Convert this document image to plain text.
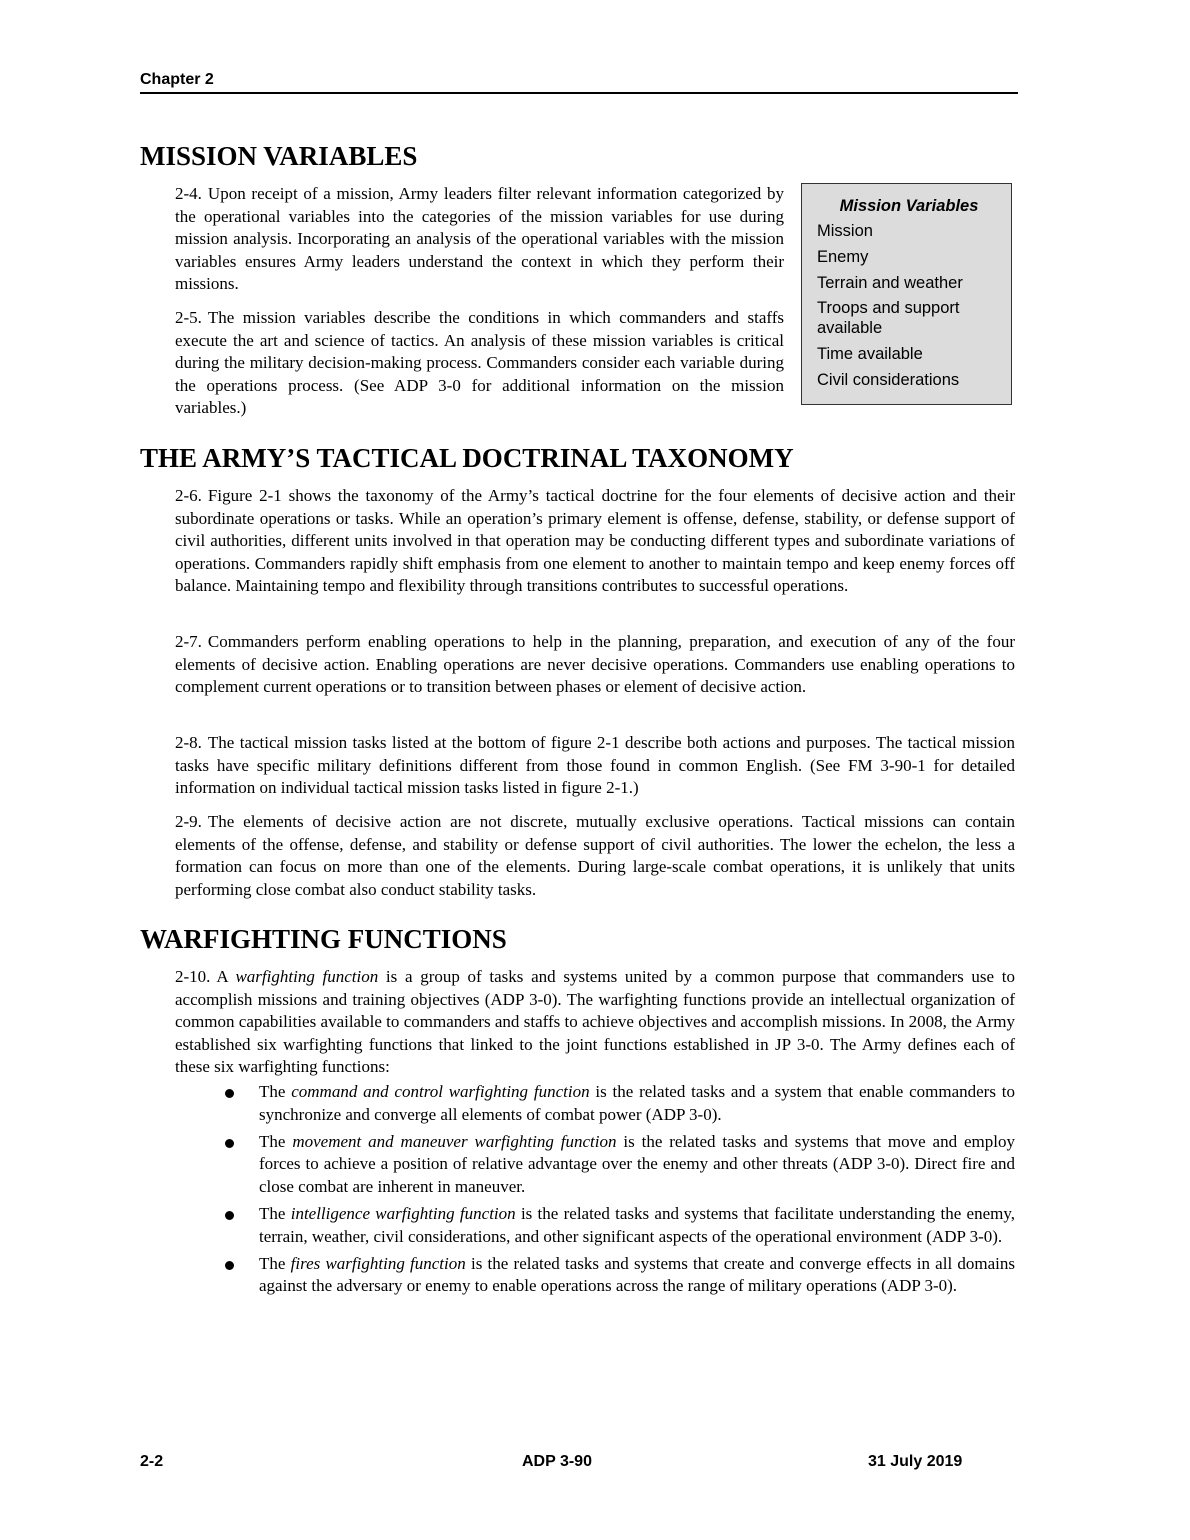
Chapter 2
MISSION VARIABLES

2-4. Upon receipt of a mission, Army leaders filter relevant information categorized by the operational variables into the categories of the mission variables for use during mission analysis. Incorporating an analysis of the operational variables with the mission variables ensures Army leaders understand the context in which they perform their missions.

2-5. The mission variables describe the conditions in which commanders and staffs execute the art and science of tactics. An analysis of these mission variables is critical during the military decision-making process. Commanders consider each variable during the operations process. (See ADP 3-0 for additional information on the mission variables.)

Mission Variables
Mission
Enemy
Terrain and weather
Troops and support available
Time available
Civil considerations
THE ARMY’S TACTICAL DOCTRINAL TAXONOMY

2-6. Figure 2-1 shows the taxonomy of the Army’s tactical doctrine for the four elements of decisive action and their subordinate operations or tasks. While an operation’s primary element is offense, defense, stability, or defense support of civil authorities, different units involved in that operation may be conducting different types and subordinate variations of operations. Commanders rapidly shift emphasis from one element to another to maintain tempo and keep enemy forces off balance. Maintaining tempo and flexibility through transitions contributes to successful operations.

2-7. Commanders perform enabling operations to help in the planning, preparation, and execution of any of the four elements of decisive action. Enabling operations are never decisive operations. Commanders use enabling operations to complement current operations or to transition between phases or element of decisive action.

2-8. The tactical mission tasks listed at the bottom of figure 2-1 describe both actions and purposes. The tactical mission tasks have specific military definitions different from those found in common English. (See FM 3-90-1 for detailed information on individual tactical mission tasks listed in figure 2-1.)

2-9. The elements of decisive action are not discrete, mutually exclusive operations. Tactical missions can contain elements of the offense, defense, and stability or defense support of civil authorities. The lower the echelon, the less a formation can focus on more than one of the elements. During large-scale combat operations, it is unlikely that units performing close combat also conduct stability tasks.

WARFIGHTING FUNCTIONS

2-10. A warfighting function is a group of tasks and systems united by a common purpose that commanders use to accomplish missions and training objectives (ADP 3-0). The warfighting functions provide an intellectual organization of common capabilities available to commanders and staffs to achieve objectives and accomplish missions. In 2008, the Army established six warfighting functions that linked to the joint functions established in JP 3-0. The Army defines each of these six warfighting functions:

The command and control warfighting function is the related tasks and a system that enable commanders to synchronize and converge all elements of combat power (ADP 3-0).
The movement and maneuver warfighting function is the related tasks and systems that move and employ forces to achieve a position of relative advantage over the enemy and other threats (ADP 3-0). Direct fire and close combat are inherent in maneuver.
The intelligence warfighting function is the related tasks and systems that facilitate understanding the enemy, terrain, weather, civil considerations, and other significant aspects of the operational environment (ADP 3-0).
The fires warfighting function is the related tasks and systems that create and converge effects in all domains against the adversary or enemy to enable operations across the range of military operations (ADP 3-0).
2-2	ADP 3-90	31 July 2019
